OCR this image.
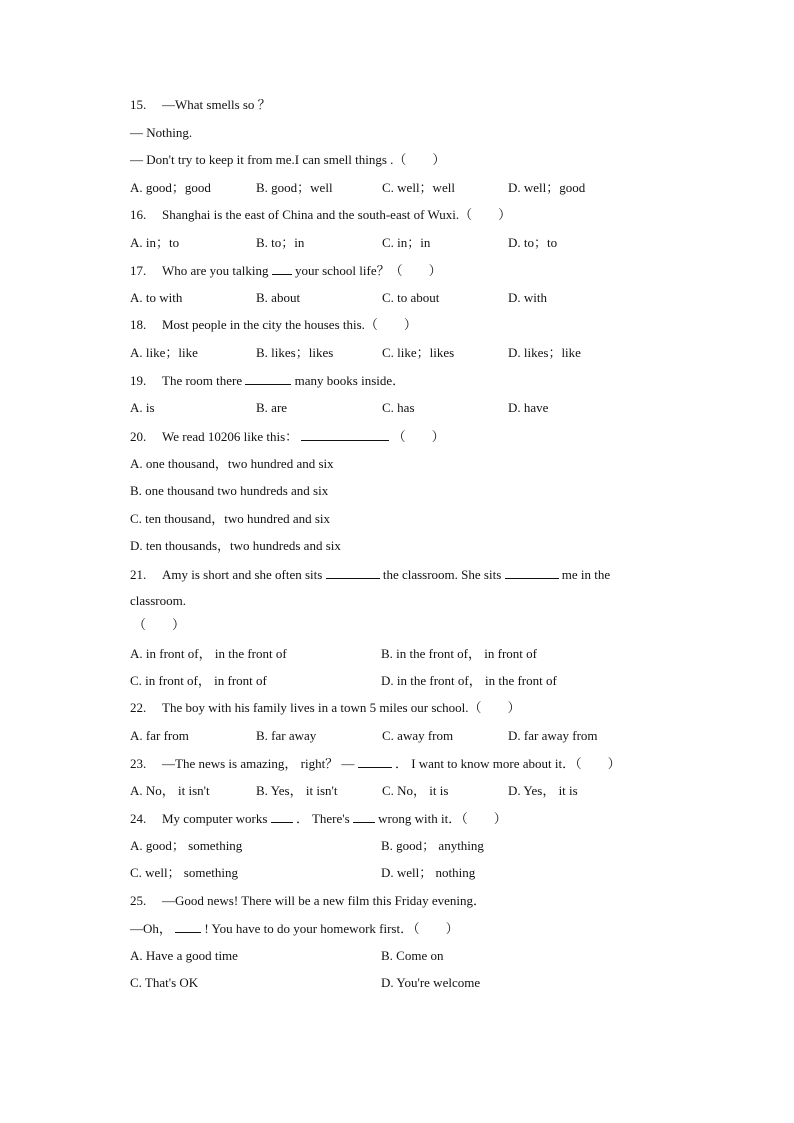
15. —What smells so ？
— Nothing.
— Don't try to keep it from me.I can smell things .（　　）
A. good；good	B. good；well	C. well；well	D. well；good
16. Shanghai is the east of China and the south-east of Wuxi.（　　）
A. in；to	B. to；in	C. in；in	D. to；to
17. Who are you talking your school life？（　　）
A. to with	B. about	C. to about	D. with
18. Most people in the city the houses this.（　　）
A. like；like	B. likes；likes	C. like；likes	D. likes；like
19. The room there	many books inside．
A. is	B. are	C. has	D. have
20. We read 10206 like this：	（　　）
A. one thousand，two hundred and six
B. one thousand two hundreds and six
C. ten thousand，two hundred and six
D. ten thousands，two hundreds and six
21. Amy is short and she often sits	the classroom. She sits	me in the
classroom.
（　　）
A. in front of， in the front of	B. in the front of， in front of
C. in front of， in front of	D. in the front of， in the front of
22. The boy with his family lives in a town 5 miles our school.（　　）
A. far from	B. far away	C. away from	D. far away from
23. —The news is amazing， right？ —	． I want to know more about it．（　　）
A. No， it isn't	B. Yes， it isn't	C. No， it is	D. Yes， it is
24. My computer works ． There's wrong with it．（　　）
A. good； something	B. good； anything
C. well； something	D. well； nothing
25. —Good news! There will be a new film this Friday evening．
—Oh，	! You have to do your homework first．（　　）
A. Have a good time	B. Come on
C. That's OK	D. You're welcome
